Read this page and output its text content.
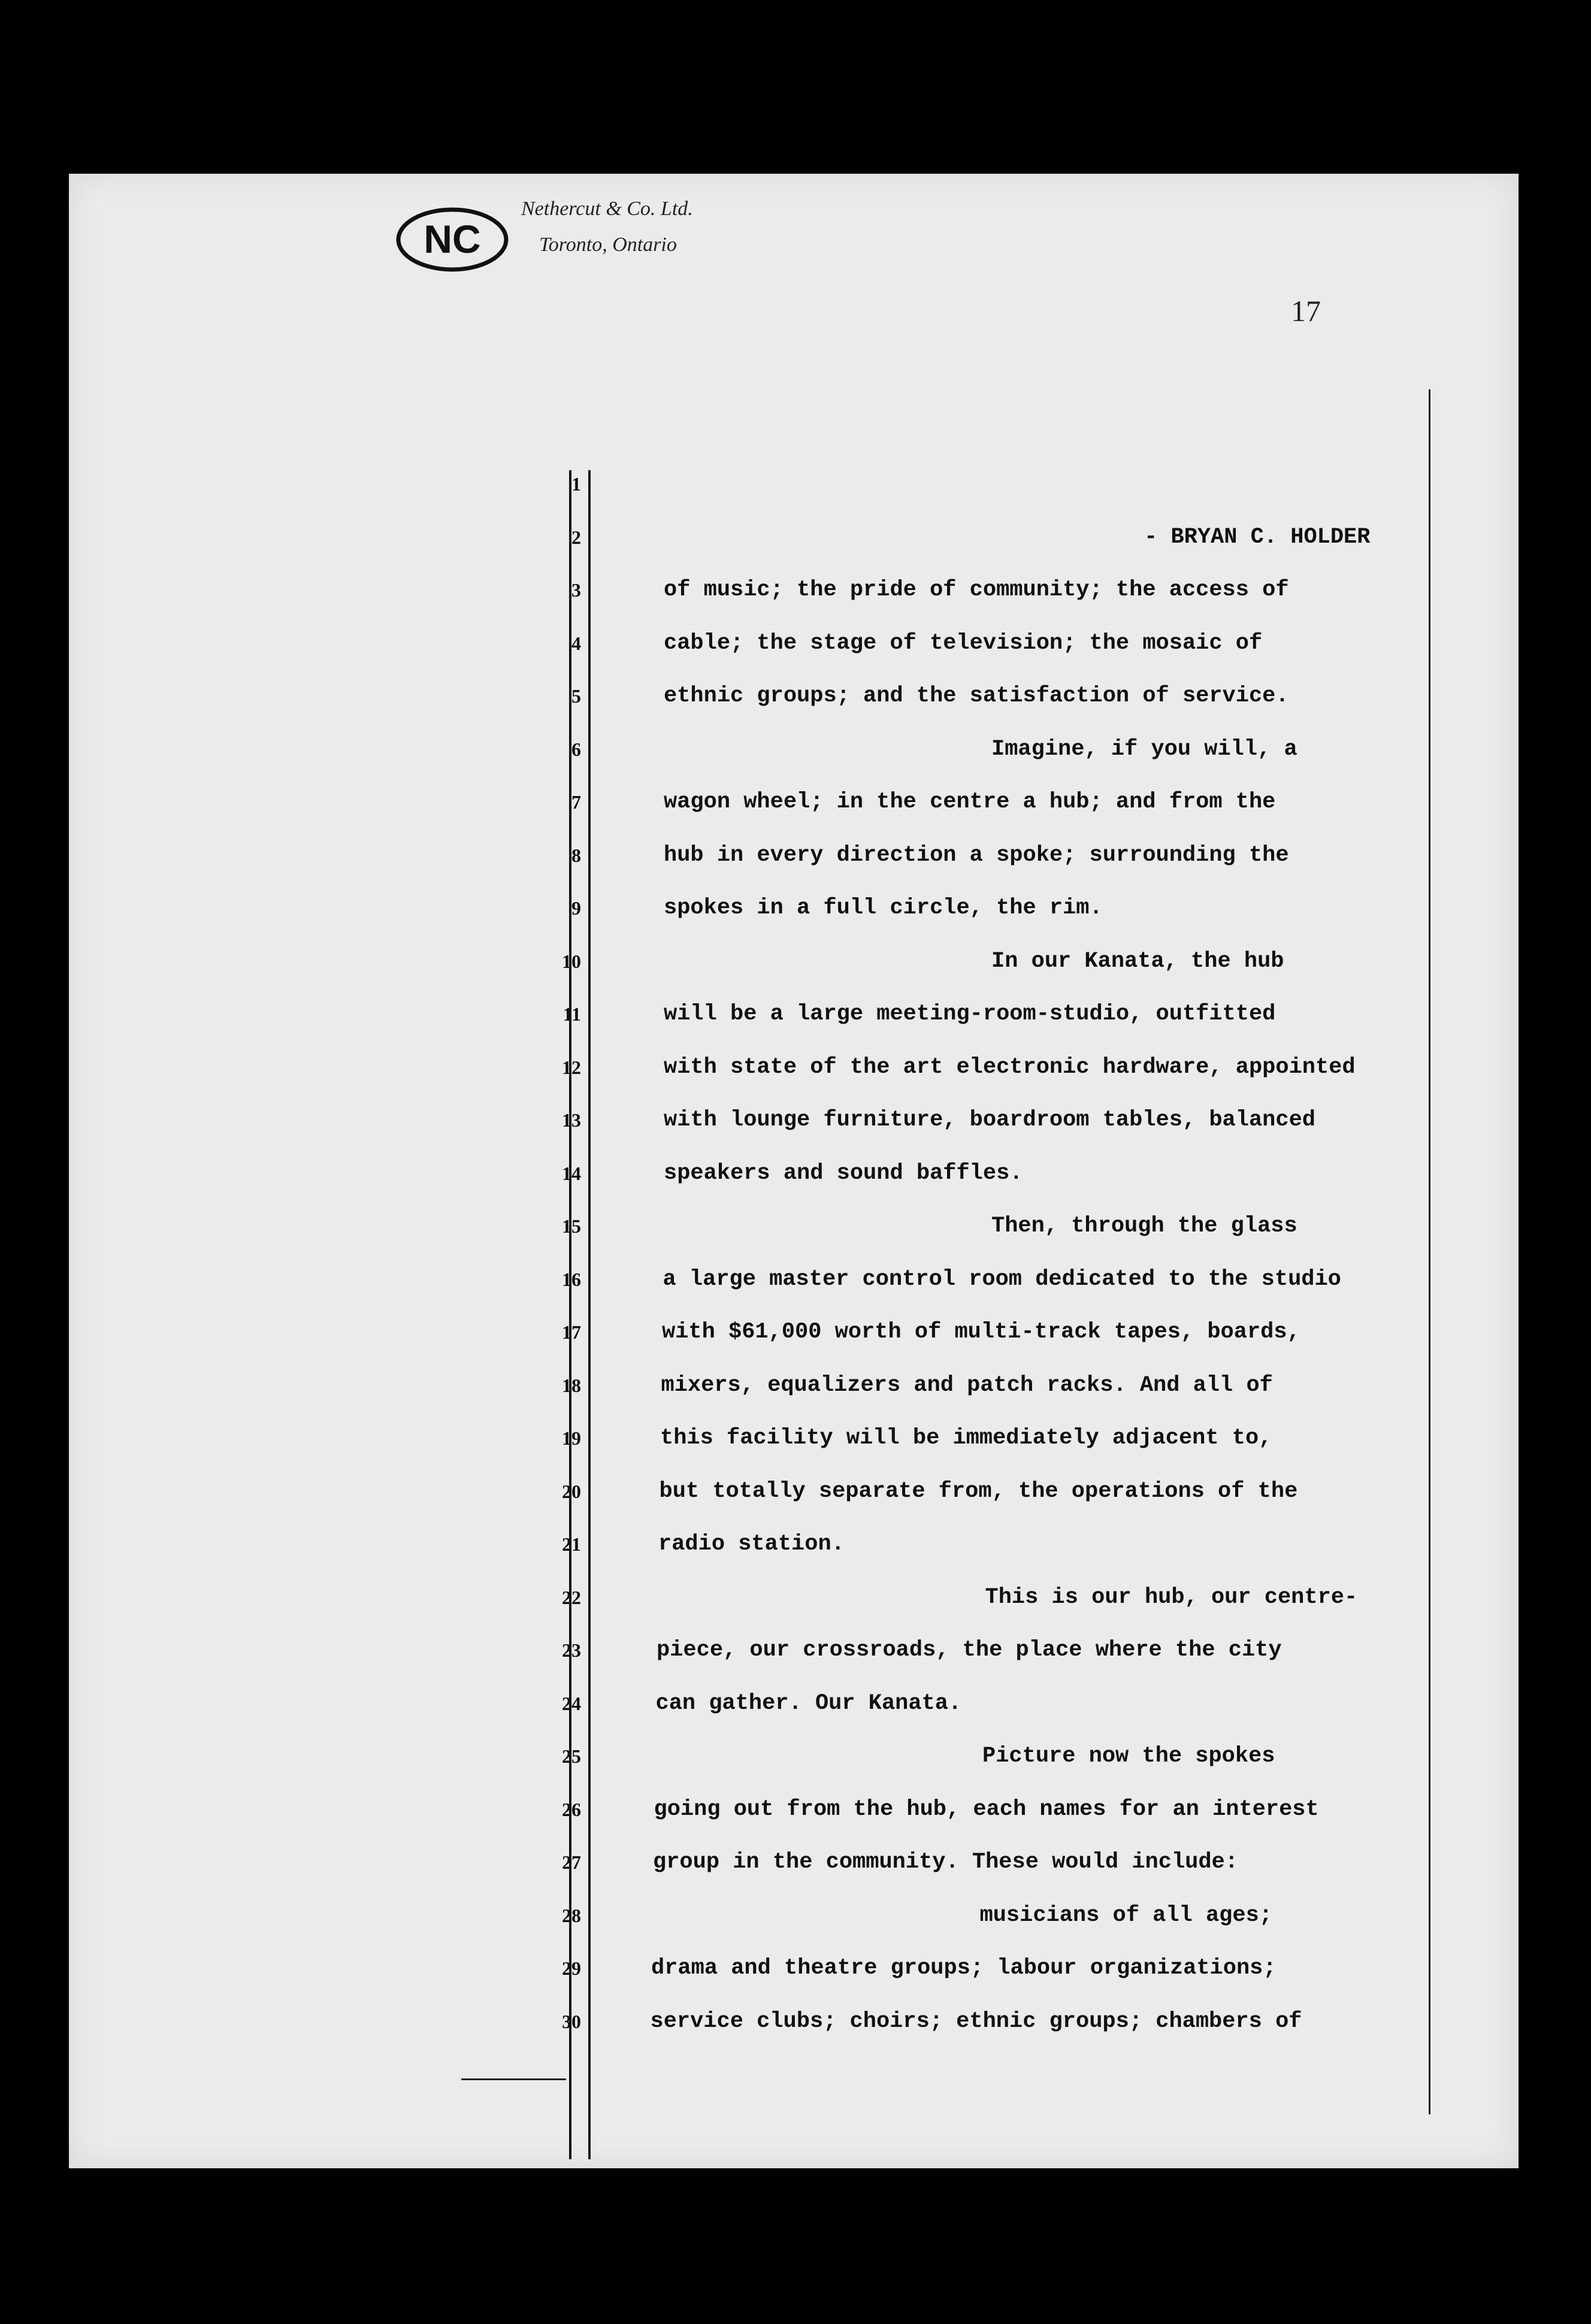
NC
Nethercut & Co. Ltd.
Toronto, Ontario
17
1
2	- BRYAN C. HOLDER
3	of music; the pride of community; the access of
4	cable; the stage of television; the mosaic of
5	ethnic groups; and the satisfaction of service.
6	Imagine, if you will, a
7	wagon wheel; in the centre a hub; and from the
8	hub in every direction a spoke; surrounding the
9	spokes in a full circle, the rim.
10	In our Kanata, the hub
11	will be a large meeting-room-studio, outfitted
12	with state of the art electronic hardware, appointed
13	with lounge furniture, boardroom tables, balanced
14	speakers and sound baffles.
15	Then, through the glass
16	a large master control room dedicated to the studio
17	with $61,000 worth of multi-track tapes, boards,
18	mixers, equalizers and patch racks. And all of
19	this facility will be immediately adjacent to,
20	but totally separate from, the operations of the
21	radio station.
22	This is our hub, our centre-
23	piece, our crossroads, the place where the city
24	can gather. Our Kanata.
25	Picture now the spokes
26	going out from the hub, each names for an interest
27	group in the community. These would include:
28	musicians of all ages;
29	drama and theatre groups; labour organizations;
30	service clubs; choirs; ethnic groups; chambers of
